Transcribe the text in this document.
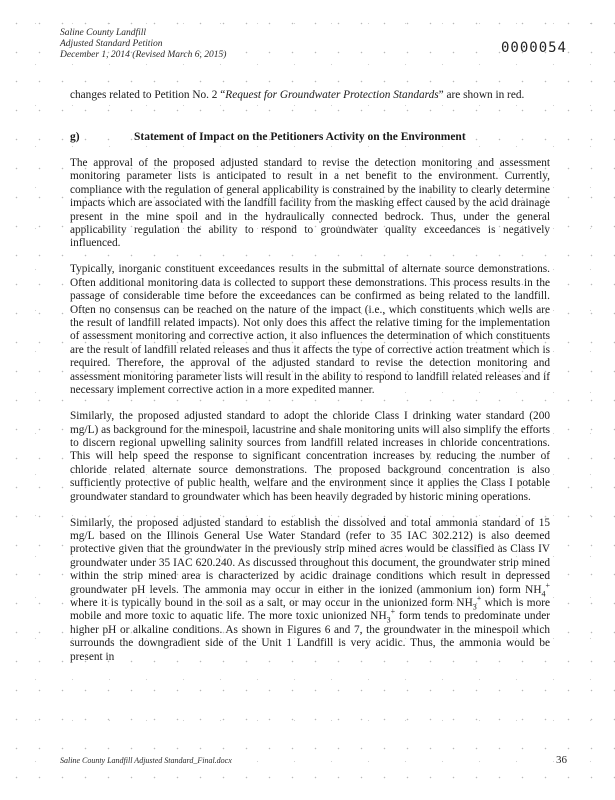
Saline County Landfill
Adjusted Standard Petition
December 1, 2014 (Revised March 6, 2015)	0000054
changes related to Petition No. 2 “Request for Groundwater Protection Standards” are shown in red.
g)	Statement of Impact on the Petitioners Activity on the Environment

The approval of the proposed adjusted standard to revise the detection monitoring and assessment monitoring parameter lists is anticipated to result in a net benefit to the environment. Currently, compliance with the regulation of general applicability is constrained by the inability to clearly determine impacts which are associated with the landfill facility from the masking effect caused by the acid drainage present in the mine spoil and in the hydraulically connected bedrock. Thus, under the general applicability regulation the ability to respond to groundwater quality exceedances is negatively influenced.

Typically, inorganic constituent exceedances results in the submittal of alternate source demonstrations. Often additional monitoring data is collected to support these demonstrations. This process results in the passage of considerable time before the exceedances can be confirmed as being related to the landfill. Often no consensus can be reached on the nature of the impact (i.e., which constituents which wells are the result of landfill related impacts). Not only does this affect the relative timing for the implementation of assessment monitoring and corrective action, it also influences the determination of which constituents are the result of landfill related releases and thus it affects the type of corrective action treatment which is required. Therefore, the approval of the adjusted standard to revise the detection monitoring and assessment monitoring parameter lists will result in the ability to respond to landfill related releases and if necessary implement corrective action in a more expedited manner.

Similarly, the proposed adjusted standard to adopt the chloride Class I drinking water standard (200 mg/L) as background for the minespoil, lacustrine and shale monitoring units will also simplify the efforts to discern regional upwelling salinity sources from landfill related increases in chloride concentrations. This will help speed the response to significant concentration increases by reducing the number of chloride related alternate source demonstrations. The proposed background concentration is also sufficiently protective of public health, welfare and the environment since it applies the Class I potable groundwater standard to groundwater which has been heavily degraded by historic mining operations.

Similarly, the proposed adjusted standard to establish the dissolved and total ammonia standard of 15 mg/L based on the Illinois General Use Water Standard (refer to 35 IAC 302.212) is also deemed protective given that the groundwater in the previously strip mined acres would be classified as Class IV groundwater under 35 IAC 620.240. As discussed throughout this document, the groundwater strip mined within the strip mined area is characterized by acidic drainage conditions which result in depressed groundwater pH levels. The ammonia may occur in either in the ionized (ammonium ion) form $NH_4^+$ where it is typically bound in the soil as a salt, or may occur in the unionized form $NH_3^+$ which is more mobile and more toxic to aquatic life. The more toxic unionized $NH_3^+$ form tends to predominate under higher pH or alkaline conditions. As shown in Figures 6 and 7, the groundwater in the minespoil which surrounds the downgradient side of the Unit 1 Landfill is very acidic. Thus, the ammonia would be present in

Saline County Landfill Adjusted Standard_Final.docx	36
